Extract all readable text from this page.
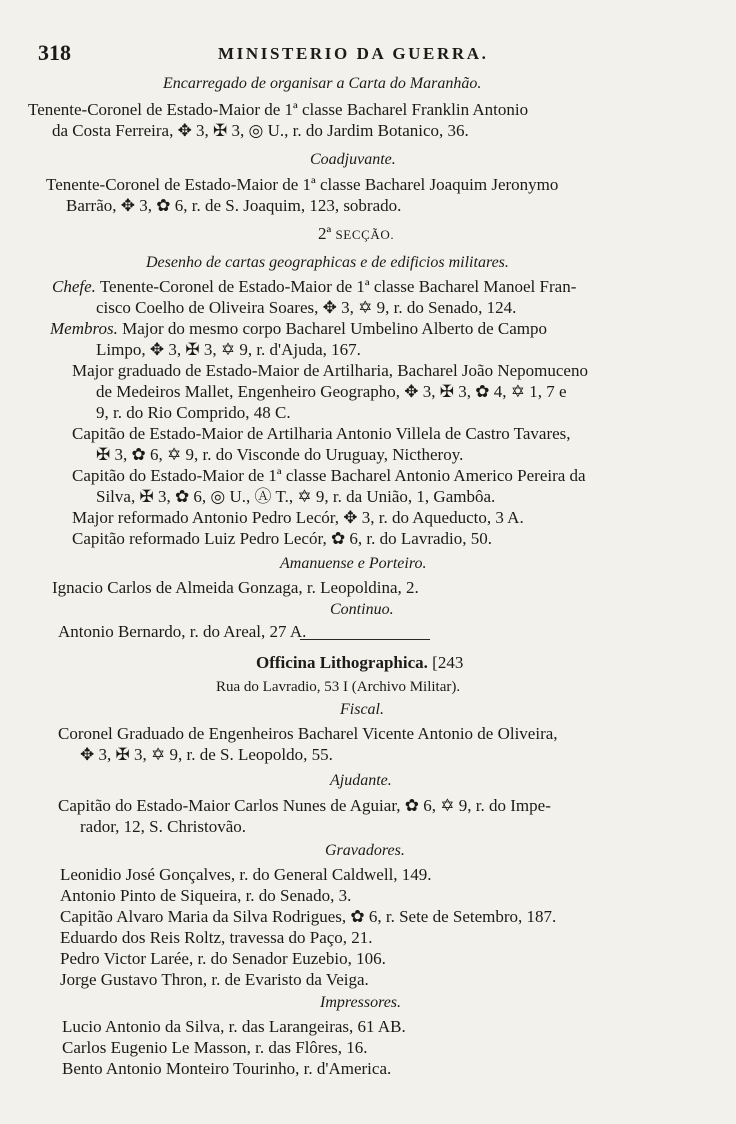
318	MINISTERIO DA GUERRA.
Encarregado de organisar a Carta do Maranhão.
Tenente-Coronel de Estado-Maior de 1ª classe Bacharel Franklin Antonio
da Costa Ferreira, ✥ 3, ✠ 3, ◎ U., r. do Jardim Botanico, 36.
Coadjuvante.
Tenente-Coronel de Estado-Maior de 1ª classe Bacharel Joaquim Jeronymo
Barrão, ✥ 3, ✿ 6, r. de S. Joaquim, 123, sobrado.
2ª SECÇÃO.
Desenho de cartas geographicas e de edificios militares.
Chefe. Tenente-Coronel de Estado-Maior de 1ª classe Bacharel Manoel Fran-
cisco Coelho de Oliveira Soares, ✥ 3, ✡ 9, r. do Senado, 124.
Membros. Major do mesmo corpo Bacharel Umbelino Alberto de Campo
Limpo, ✥ 3, ✠ 3, ✡ 9, r. d'Ajuda, 167.
Major graduado de Estado-Maior de Artilharia, Bacharel João Nepomuceno
de Medeiros Mallet, Engenheiro Geographo, ✥ 3, ✠ 3, ✿ 4, ✡ 1, 7 e
9, r. do Rio Comprido, 48 C.
Capitão de Estado-Maior de Artilharia Antonio Villela de Castro Tavares,
✠ 3, ✿ 6, ✡ 9, r. do Visconde do Uruguay, Nictheroy.
Capitão do Estado-Maior de 1ª classe Bacharel Antonio Americo Pereira da
Silva, ✠ 3, ✿ 6, ◎ U., Ⓐ T., ✡ 9, r. da União, 1, Gambôa.
Major reformado Antonio Pedro Lecór, ✥ 3, r. do Aqueducto, 3 A.
Capitão reformado Luiz Pedro Lecór, ✿ 6, r. do Lavradio, 50.
Amanuense e Porteiro.
Ignacio Carlos de Almeida Gonzaga, r. Leopoldina, 2.
Continuo.
Antonio Bernardo, r. do Areal, 27 A.
Officina Lithographica. [243
Rua do Lavradio, 53 I (Archivo Militar).
Fiscal.
Coronel Graduado de Engenheiros Bacharel Vicente Antonio de Oliveira,
✥ 3, ✠ 3, ✡ 9, r. de S. Leopoldo, 55.
Ajudante.
Capitão do Estado-Maior Carlos Nunes de Aguiar, ✿ 6, ✡ 9, r. do Impe-
rador, 12, S. Christovão.
Gravadores.
Leonidio José Gonçalves, r. do General Caldwell, 149.
Antonio Pinto de Siqueira, r. do Senado, 3.
Capitão Alvaro Maria da Silva Rodrigues, ✿ 6, r. Sete de Setembro, 187.
Eduardo dos Reis Roltz, travessa do Paço, 21.
Pedro Victor Larée, r. do Senador Euzebio, 106.
Jorge Gustavo Thron, r. de Evaristo da Veiga.
Impressores.
Lucio Antonio da Silva, r. das Larangeiras, 61 AB.
Carlos Eugenio Le Masson, r. das Flôres, 16.
Bento Antonio Monteiro Tourinho, r. d'America.
